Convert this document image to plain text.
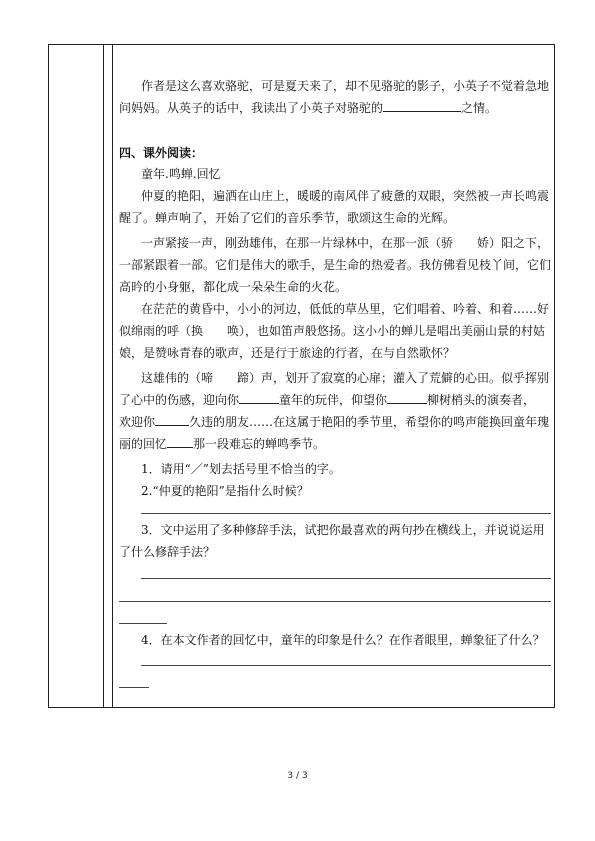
作者是这么喜欢骆驼，可是夏天来了，却不见骆驼的影子，小英子不觉着急地
问妈妈。从英子的话中，我读出了小英子对骆驼的	之情。
四、课外阅读：
童年.鸣蝉.回忆
仲夏的艳阳，遍洒在山庄上，暖暖的南风伴了疲惫的双眼，突然被一声长鸣震
醒了。蝉声响了，开始了它们的音乐季节，歌颂这生命的光辉。
一声紧接一声，刚劲雄伟，在那一片绿林中，在那一派（骄　　娇）阳之下，
一部紧跟着一部。它们是伟大的歌手，是生命的热爱者。我仿佛看见枝丫间，它们
高昑的小身躯，都化成一朵朵生命的火花。
在茫茫的黄昏中，小小的河边，低低的草丛里，它们唱着、吟着、和着……好
似绵雨的呼（换　　唤），也如笛声般悠扬。这小小的蝉儿是唱出美丽山景的村姑
娘，是赞咏青春的歌声，还是行于旅途的行者，在与自然歌怀？
这雄伟的（啼　　蹄）声，划开了寂寞的心扉；灌入了荒僻的心田。似乎挥别
了心中的伤感，迎向你	童年的玩伴，仰望你	柳树梢头的演奏者，
欢迎你	久违的朋友……在这属于艳阳的季节里，希望你的鸣声能换回童年瑰
丽的回忆 那一段难忘的蝉鸣季节。
1．请用“／”划去括号里不恰当的字。
2.“仲夏的艳阳”是指什么时候？
3．文中运用了多种修辞手法，试把你最喜欢的两句抄在横线上，并说说运用
了什么修辞手法？
4．在本文作者的回忆中，童年的印象是什么？在作者眼里，蝉象征了什么？
3 / 3
